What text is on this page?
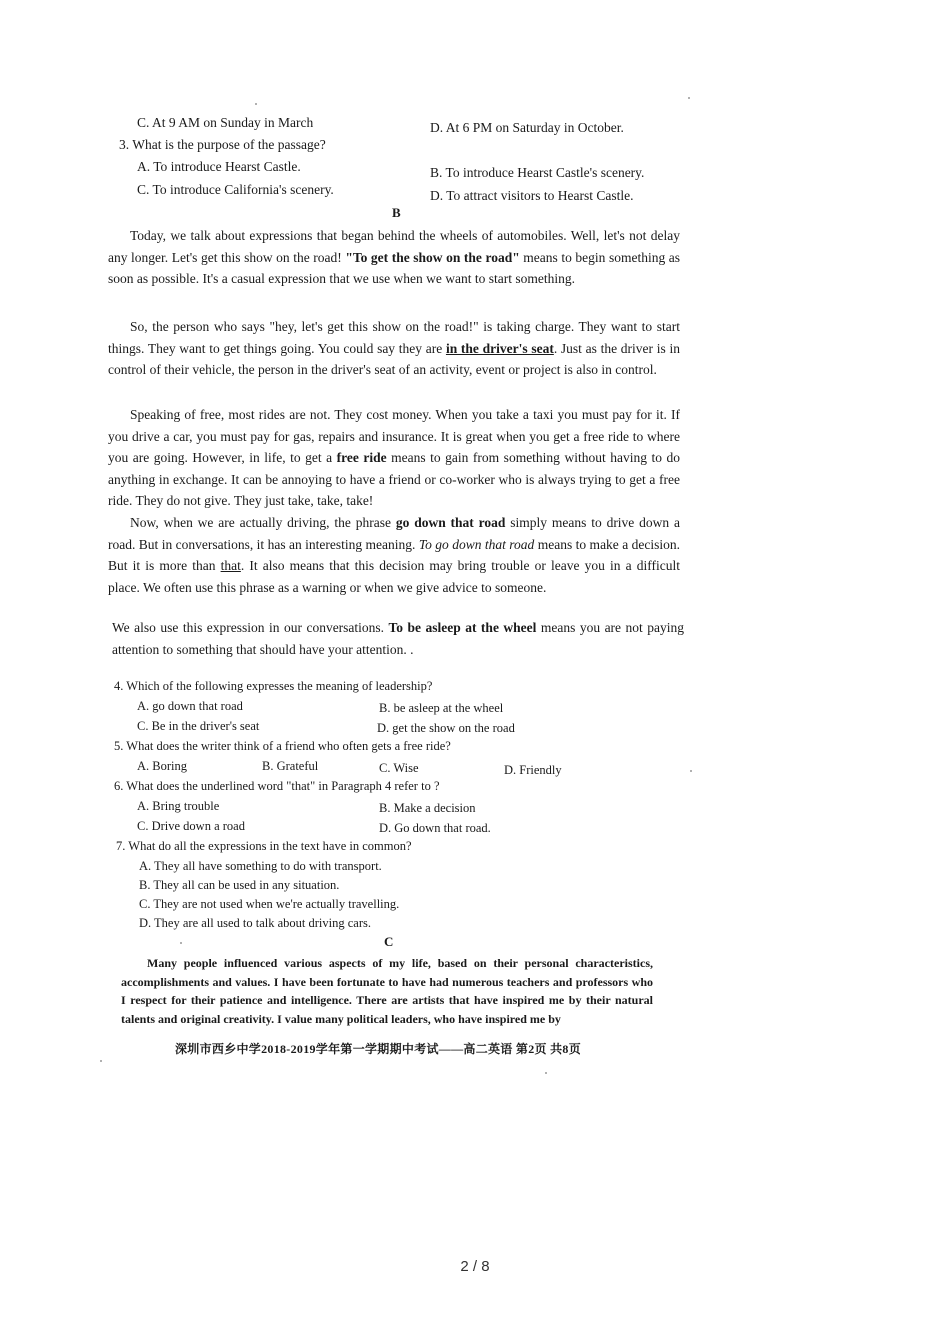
C. At 9 AM on Sunday in March	D. At 6 PM on Saturday in October.
3. What is the purpose of the passage?
A. To introduce Hearst Castle.	B. To introduce Hearst Castle's scenery.
C. To introduce California's scenery.	D. To attract visitors to Hearst Castle.
B
Today, we talk about expressions that began behind the wheels of automobiles. Well, let's not delay any longer. Let's get this show on the road! "To get the show on the road" means to begin something as soon as possible. It's a casual expression that we use when we want to start something.
So, the person who says "hey, let's get this show on the road!" is taking charge. They want to start things. They want to get things going. You could say they are in the driver's seat. Just as the driver is in control of their vehicle, the person in the driver's seat of an activity, event or project is also in control.
Speaking of free, most rides are not. They cost money. When you take a taxi you must pay for it. If you drive a car, you must pay for gas, repairs and insurance. It is great when you get a free ride to where you are going. However, in life, to get a free ride means to gain from something without having to do anything in exchange. It can be annoying to have a friend or co-worker who is always trying to get a free ride. They do not give. They just take, take, take!
Now, when we are actually driving, the phrase go down that road simply means to drive down a road. But in conversations, it has an interesting meaning. To go down that road means to make a decision. But it is more than that. It also means that this decision may bring trouble or leave you in a difficult place. We often use this phrase as a warning or when we give advice to someone.
We also use this expression in our conversations. To be asleep at the wheel means you are not paying attention to something that should have your attention. .
4. Which of the following expresses the meaning of leadership?
A. go down that road	B. be asleep at the wheel
C. Be in the driver's seat	D. get the show on the road
5. What does the writer think of a friend who often gets a free ride?
A. Boring	B. Grateful	C. Wise	D. Friendly
6. What does the underlined word "that" in Paragraph 4 refer to ?
A. Bring trouble	B. Make a decision
C. Drive down a road	D. Go down that road.
7. What do all the expressions in the text have in common?
A. They all have something to do with transport.
B. They all can be used in any situation.
C. They are not used when we're actually travelling.
D. They are all used to talk about driving cars.
C
Many people influenced various aspects of my life, based on their personal characteristics, accomplishments and values. I have been fortunate to have had numerous teachers and professors who I respect for their patience and intelligence. There are artists that have inspired me by their natural talents and original creativity. I value many political leaders, who have inspired me by
深圳市西乡中学2018-2019学年第一学期期中考试——高二英语 第2页 共8页
2 / 8
